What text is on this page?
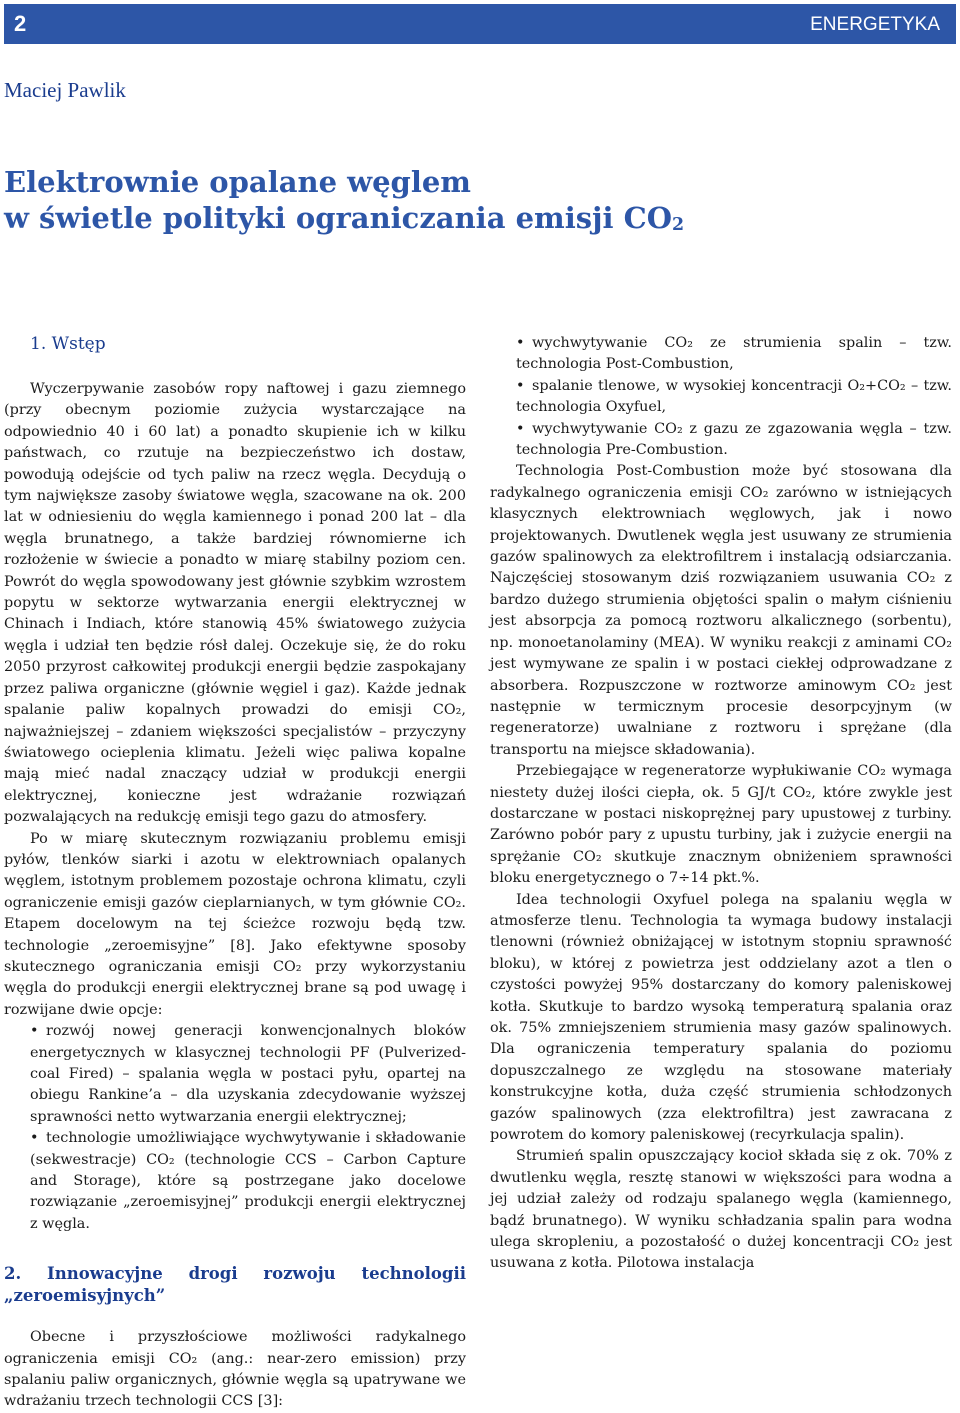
2	ENERGETYKA
Maciej Pawlik
Elektrownie opalane węglem
w świetle polityki ograniczania emisji $CO_2$
1. Wstęp

Wyczerpywanie zasobów ropy naftowej i gazu ziemnego (przy obecnym poziomie zużycia wystarczające na odpowiednio 40 i 60 lat) a ponadto skupienie ich w kilku państwach, co rzutuje na bezpieczeństwo ich dostaw, powodują odejście od tych paliw na rzecz węgla. Decydują o tym największe zasoby światowe węgla, szacowane na ok. 200 lat w odniesieniu do węgla kamiennego i ponad 200 lat – dla węgla brunatnego, a także bardziej równomierne ich rozłożenie w świecie a ponadto w miarę stabilny poziom cen. Powrót do węgla spowodowany jest głównie szybkim wzrostem popytu w sektorze wytwarzania energii elektrycznej w Chinach i Indiach, które stanowią 45% światowego zużycia węgla i udział ten będzie rósł dalej. Oczekuje się, że do roku 2050 przyrost całkowitej produkcji energii będzie zaspokajany przez paliwa organiczne (głównie węgiel i gaz). Każde jednak spalanie paliw kopalnych prowadzi do emisji CO₂, najważniejszej – zdaniem większości specjalistów – przyczyny światowego ocieplenia klimatu. Jeżeli więc paliwa kopalne mają mieć nadal znaczący udział w produkcji energii elektrycznej, konieczne jest wdrażanie rozwiązań pozwalających na redukcję emisji tego gazu do atmosfery.

Po w miarę skutecznym rozwiązaniu problemu emisji pyłów, tlenków siarki i azotu w elektrowniach opalanych węglem, istotnym problemem pozostaje ochrona klimatu, czyli ograniczenie emisji gazów cieplarnianych, w tym głównie CO₂. Etapem docelowym na tej ścieżce rozwoju będą tzw. technologie „zeroemisyjne” [8]. Jako efektywne sposoby skutecznego ograniczania emisji CO₂ przy wykorzystaniu węgla do produkcji energii elektrycznej brane są pod uwagę i rozwijane dwie opcje:

• rozwój nowej generacji konwencjonalnych bloków energetycznych w klasycznej technologii PF (Pulverized-coal Fired) – spalania węgla w postaci pyłu, opartej na obiegu Rankine’a – dla uzyskania zdecydowanie wyższej sprawności netto wytwarzania energii elektrycznej;

• technologie umożliwiające wychwytywanie i składowanie (sekwestracje) CO₂ (technologie CCS – Carbon Capture and Storage), które są postrzegane jako docelowe rozwiązanie „zeroemisyjnej” produkcji energii elektrycznej z węgla.

2. Innowacyjne drogi rozwoju technologii „zeroemisyjnych”

Obecne i przyszłościowe możliwości radykalnego ograniczenia emisji CO₂ (ang.: near-zero emission) przy spalaniu paliw organicznych, głównie węgla są upatrywane we wdrażaniu trzech technologii CCS [3]:

• wychwytywanie CO₂ ze strumienia spalin – tzw. technologia Post-Combustion,

• spalanie tlenowe, w wysokiej koncentracji O₂+CO₂ – tzw. technologia Oxyfuel,

• wychwytywanie CO₂ z gazu ze zgazowania węgla – tzw. technologia Pre-Combustion.

Technologia Post-Combustion może być stosowana dla radykalnego ograniczenia emisji CO₂ zarówno w istniejących klasycznych elektrowniach węglowych, jak i nowo projektowanych. Dwutlenek węgla jest usuwany ze strumienia gazów spalinowych za elektrofiltrem i instalacją odsiarczania. Najczęściej stosowanym dziś rozwiązaniem usuwania CO₂ z bardzo dużego strumienia objętości spalin o małym ciśnieniu jest absorpcja za pomocą roztworu alkalicznego (sorbentu), np. monoetanolaminy (MEA). W wyniku reakcji z aminami CO₂ jest wymywane ze spalin i w postaci ciekłej odprowadzane z absorbera. Rozpuszczone w roztworze aminowym CO₂ jest następnie w termicznym procesie desorpcyjnym (w regeneratorze) uwalniane z roztworu i sprężane (dla transportu na miejsce składowania).

Przebiegające w regeneratorze wypłukiwanie CO₂ wymaga niestety dużej ilości ciepła, ok. 5 GJ/t CO₂, które zwykle jest dostarczane w postaci niskoprężnej pary upustowej z turbiny. Zarówno pobór pary z upustu turbiny, jak i zużycie energii na sprężanie CO₂ skutkuje znacznym obniżeniem sprawności bloku energetycznego o 7÷14 pkt.%.

Idea technologii Oxyfuel polega na spalaniu węgla w atmosferze tlenu. Technologia ta wymaga budowy instalacji tlenowni (również obniżającej w istotnym stopniu sprawność bloku), w której z powietrza jest oddzielany azot a tlen o czystości powyżej 95% dostarczany do komory paleniskowej kotła. Skutkuje to bardzo wysoką temperaturą spalania oraz ok. 75% zmniejszeniem strumienia masy gazów spalinowych. Dla ograniczenia temperatury spalania do poziomu dopuszczalnego ze względu na stosowane materiały konstrukcyjne kotła, duża część strumienia schłodzonych gazów spalinowych (zza elektrofiltra) jest zawracana z powrotem do komory paleniskowej (recyrkulacja spalin).

Strumień spalin opuszczający kocioł składa się z ok. 70% z dwutlenku węgla, resztę stanowi w większości para wodna a jej udział zależy od rodzaju spalanego węgla (kamiennego, bądź brunatnego). W wyniku schładzania spalin para wodna ulega skropleniu, a pozostałość o dużej koncentracji CO₂ jest usuwana z kotła. Pilotowa instalacja
